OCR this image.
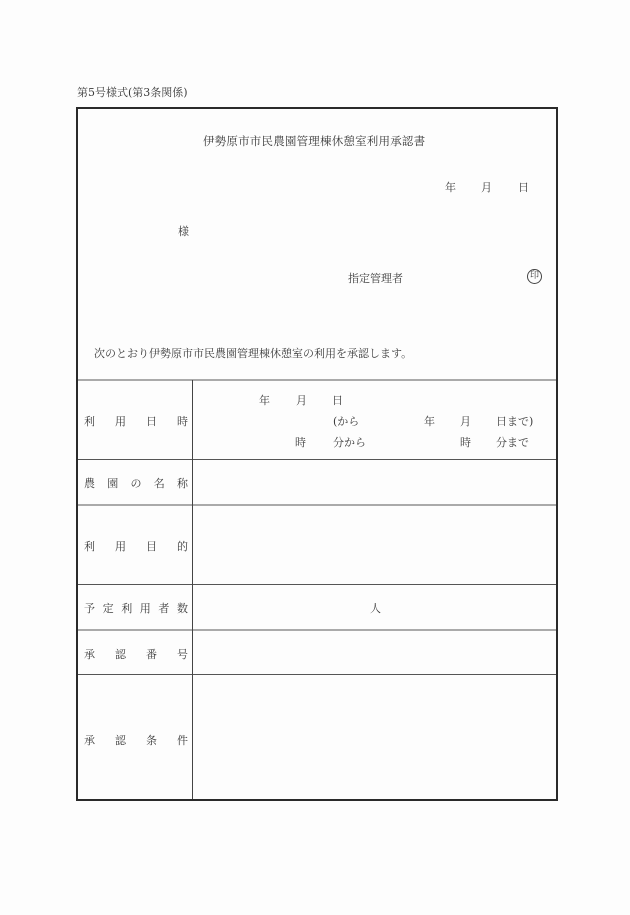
第5号様式(第3条関係)
伊勢原市市民農園管理棟休憩室利用承認書
年 月 日
様
指定管理者	印
次のとおり伊勢原市市民農園管理棟休憩室の利用を承認します。
利 用 日 時
年 月 日
(から	年 月 日まで)
時 分から	時 分まで
農 園 の 名 称
利 用 目 的
予 定 利 用 者 数	人
承 認 番 号
承 認 条 件
